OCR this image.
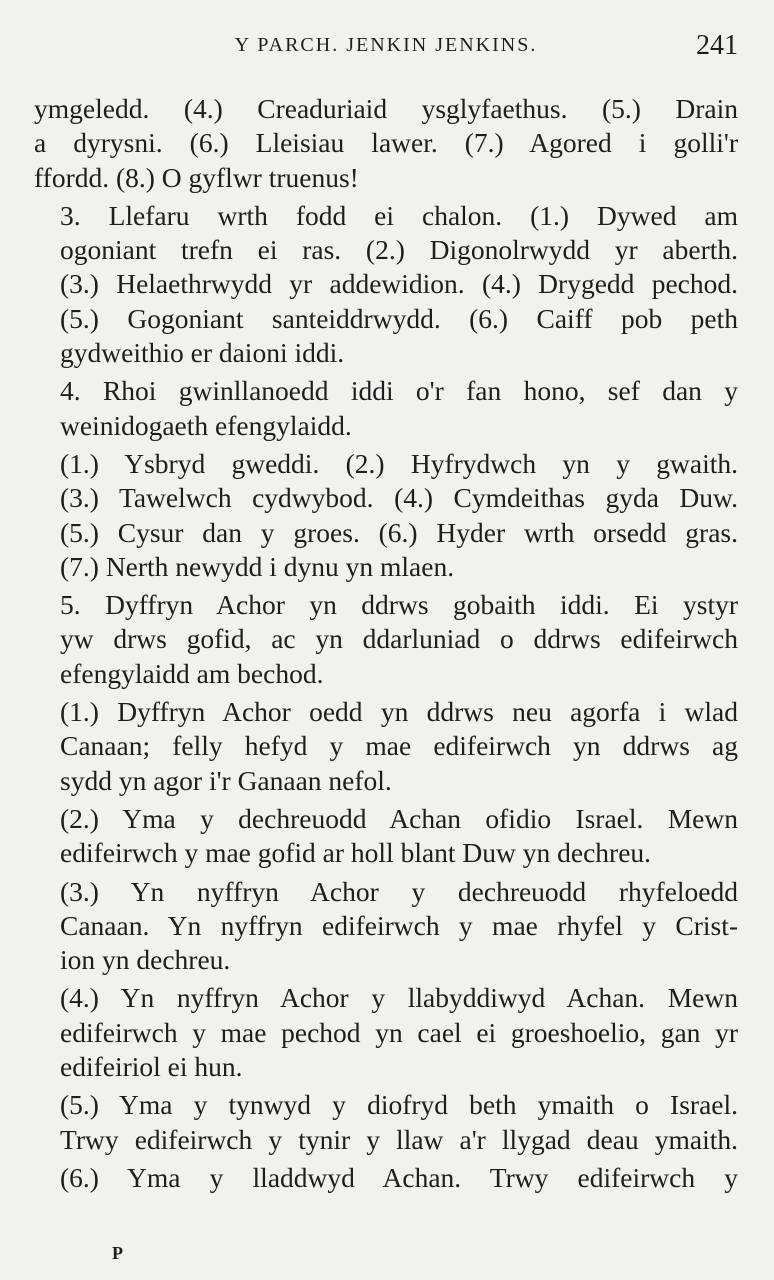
Y PARCH. JENKIN JENKINS.	241
ymgeledd. (4.) Creaduriaid ysglyfaethus. (5.) Drain
a dyrysni. (6.) Lleisiau lawer. (7.) Agored i golli'r
ffordd. (8.) O gyflwr truenus!
3. Llefaru wrth fodd ei chalon. (1.) Dywed am
ogoniant trefn ei ras. (2.) Digonolrwydd yr aberth.
(3.) Helaethrwydd yr addewidion. (4.) Drygedd pechod.
(5.) Gogoniant santeiddrwydd. (6.) Caiff pob peth
gydweithio er daioni iddi.
4. Rhoi gwinllanoedd iddi o'r fan hono, sef dan y
weinidogaeth efengylaidd.
(1.) Ysbryd gweddi. (2.) Hyfrydwch yn y gwaith.
(3.) Tawelwch cydwybod. (4.) Cymdeithas gyda Duw.
(5.) Cysur dan y groes. (6.) Hyder wrth orsedd gras.
(7.) Nerth newydd i dynu yn mlaen.
5. Dyffryn Achor yn ddrws gobaith iddi. Ei ystyr
yw drws gofid, ac yn ddarluniad o ddrws edifeirwch
efengylaidd am bechod.
(1.) Dyffryn Achor oedd yn ddrws neu agorfa i wlad
Canaan; felly hefyd y mae edifeirwch yn ddrws ag
sydd yn agor i'r Ganaan nefol.
(2.) Yma y dechreuodd Achan ofidio Israel. Mewn
edifeirwch y mae gofid ar holl blant Duw yn dechreu.
(3.) Yn nyffryn Achor y dechreuodd rhyfeloedd
Canaan. Yn nyffryn edifeirwch y mae rhyfel y Crist-
ion yn dechreu.
(4.) Yn nyffryn Achor y llabyddiwyd Achan. Mewn
edifeirwch y mae pechod yn cael ei groeshoelio, gan yr
edifeiriol ei hun.
(5.) Yma y tynwyd y diofryd beth ymaith o Israel.
Trwy edifeirwch y tynir y llaw a'r llygad deau ymaith.
(6.) Yma y lladdwyd Achan. Trwy edifeirwch y
P
